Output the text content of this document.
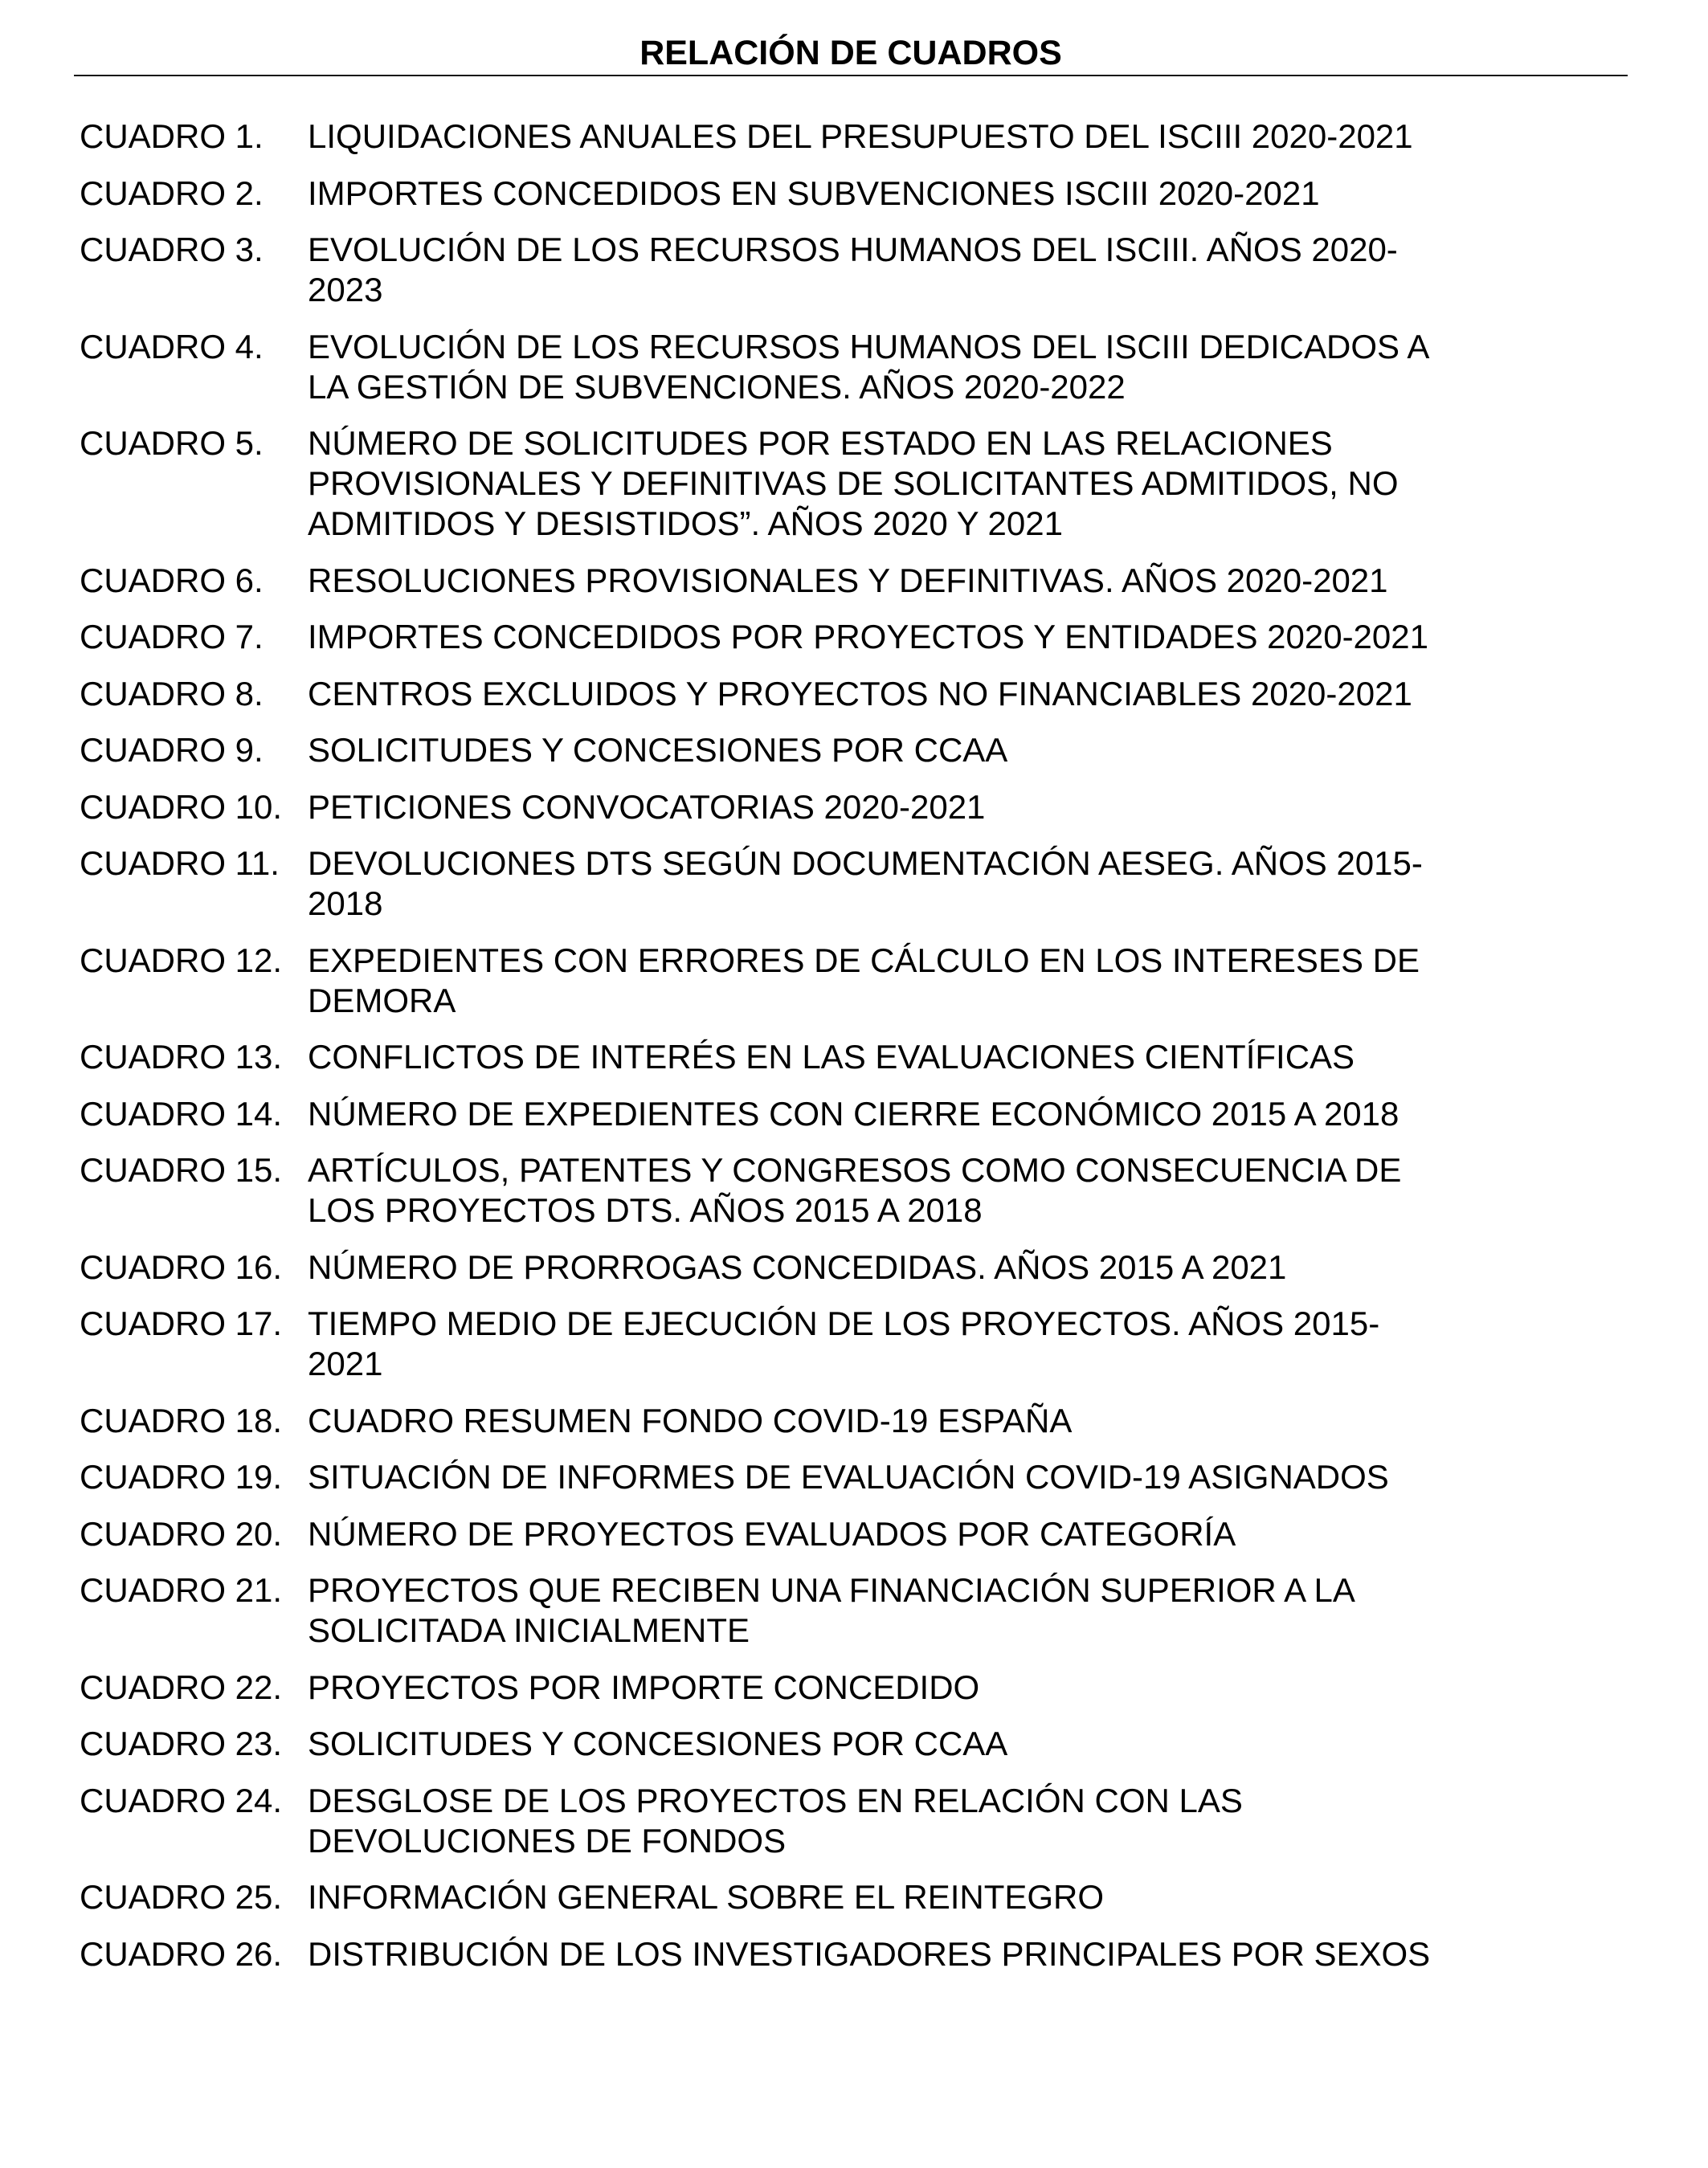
RELACIÓN DE CUADROS
CUADRO 1. LIQUIDACIONES ANUALES DEL PRESUPUESTO DEL ISCIII 2020-2021
CUADRO 2. IMPORTES CONCEDIDOS EN SUBVENCIONES ISCIII 2020-2021
CUADRO 3. EVOLUCIÓN DE LOS RECURSOS HUMANOS DEL ISCIII. AÑOS 2020-
2023
CUADRO 4. EVOLUCIÓN DE LOS RECURSOS HUMANOS DEL ISCIII DEDICADOS A
LA GESTIÓN DE SUBVENCIONES. AÑOS 2020-2022
CUADRO 5. NÚMERO DE SOLICITUDES POR ESTADO EN LAS RELACIONES
PROVISIONALES Y DEFINITIVAS DE SOLICITANTES ADMITIDOS, NO
ADMITIDOS Y DESISTIDOS”. AÑOS 2020 Y 2021
CUADRO 6. RESOLUCIONES PROVISIONALES Y DEFINITIVAS. AÑOS 2020-2021
CUADRO 7. IMPORTES CONCEDIDOS POR PROYECTOS Y ENTIDADES 2020-2021
CUADRO 8. CENTROS EXCLUIDOS Y PROYECTOS NO FINANCIABLES 2020-2021
CUADRO 9. SOLICITUDES Y CONCESIONES POR CCAA
CUADRO 10. PETICIONES CONVOCATORIAS 2020-2021
CUADRO 11. DEVOLUCIONES DTS SEGÚN DOCUMENTACIÓN AESEG. AÑOS 2015-
2018
CUADRO 12. EXPEDIENTES CON ERRORES DE CÁLCULO EN LOS INTERESES DE
DEMORA
CUADRO 13. CONFLICTOS DE INTERÉS EN LAS EVALUACIONES CIENTÍFICAS
CUADRO 14. NÚMERO DE EXPEDIENTES CON CIERRE ECONÓMICO 2015 A 2018
CUADRO 15. ARTÍCULOS, PATENTES Y CONGRESOS COMO CONSECUENCIA DE
LOS PROYECTOS DTS. AÑOS 2015 A 2018
CUADRO 16. NÚMERO DE PRORROGAS CONCEDIDAS. AÑOS 2015 A 2021
CUADRO 17. TIEMPO MEDIO DE EJECUCIÓN DE LOS PROYECTOS. AÑOS 2015-
2021
CUADRO 18. CUADRO RESUMEN FONDO COVID-19 ESPAÑA
CUADRO 19. SITUACIÓN DE INFORMES DE EVALUACIÓN COVID-19 ASIGNADOS
CUADRO 20. NÚMERO DE PROYECTOS EVALUADOS POR CATEGORÍA
CUADRO 21. PROYECTOS QUE RECIBEN UNA FINANCIACIÓN SUPERIOR A LA
SOLICITADA INICIALMENTE
CUADRO 22. PROYECTOS POR IMPORTE CONCEDIDO
CUADRO 23. SOLICITUDES Y CONCESIONES POR CCAA
CUADRO 24. DESGLOSE DE LOS PROYECTOS EN RELACIÓN CON LAS
DEVOLUCIONES DE FONDOS
CUADRO 25. INFORMACIÓN GENERAL SOBRE EL REINTEGRO
CUADRO 26. DISTRIBUCIÓN DE LOS INVESTIGADORES PRINCIPALES POR SEXOS
